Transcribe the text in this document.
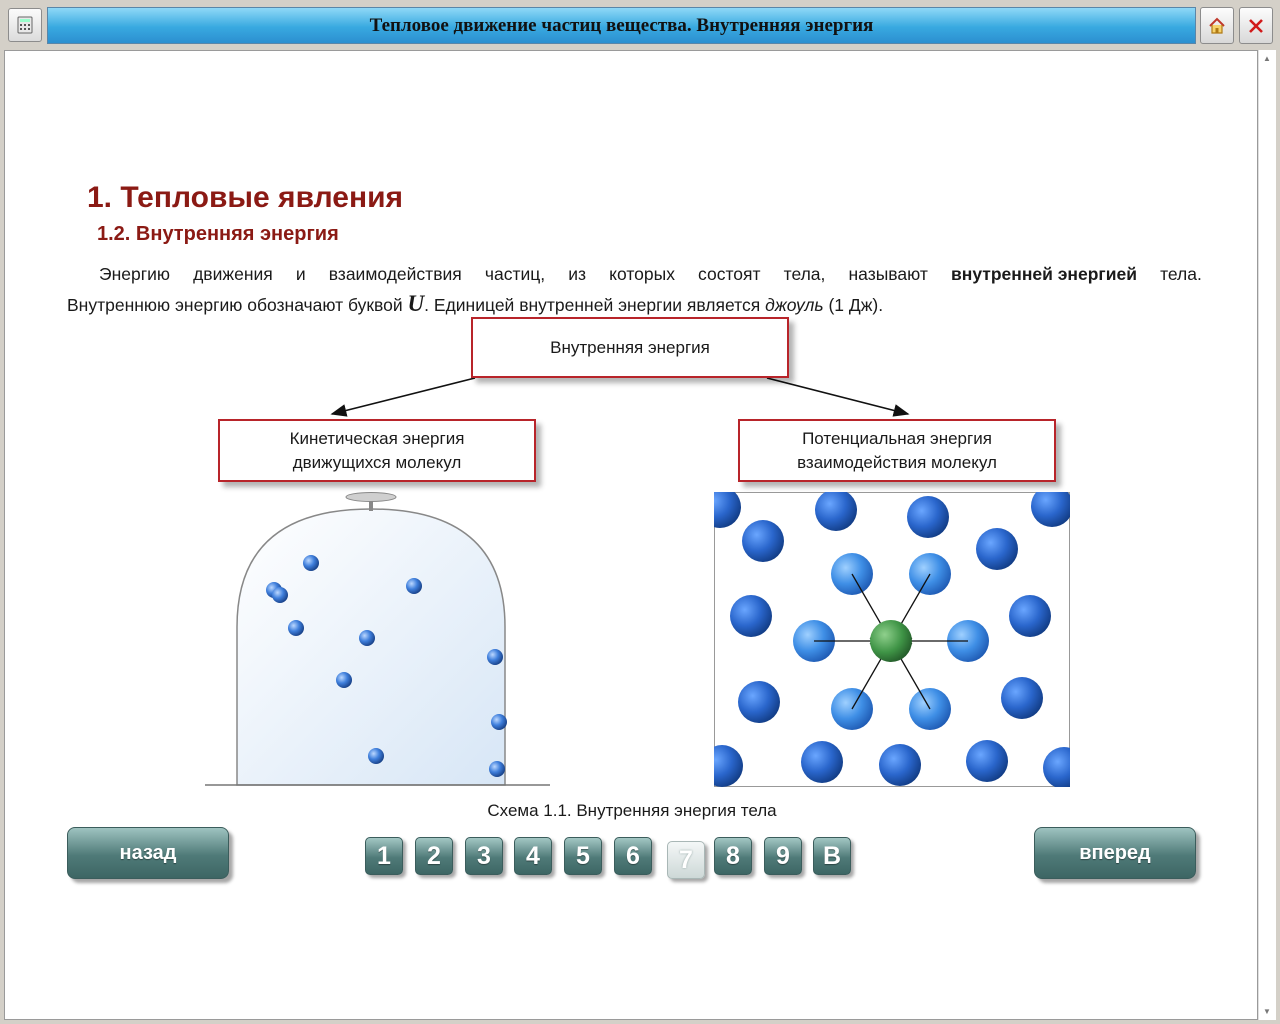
Тепловое движение частиц вещества. Внутренняя энергия
1. Тепловые явления
1.2. Внутренняя энергия
Энергию движения и взаимодействия частиц, из которых состоят тела, называют внутренней энергией тела.
Внутреннюю энергию обозначают буквой U. Единицей внутренней энергии является джоуль (1 Дж).
Внутренняя энергия
Кинетическая энергия
движущихся молекул
Потенциальная энергия
взаимодействия молекул
Схема 1.1. Внутренняя энергия тела
назад	вперед
1	2	3	4	5	6	7	8	9	В
▲
▼
